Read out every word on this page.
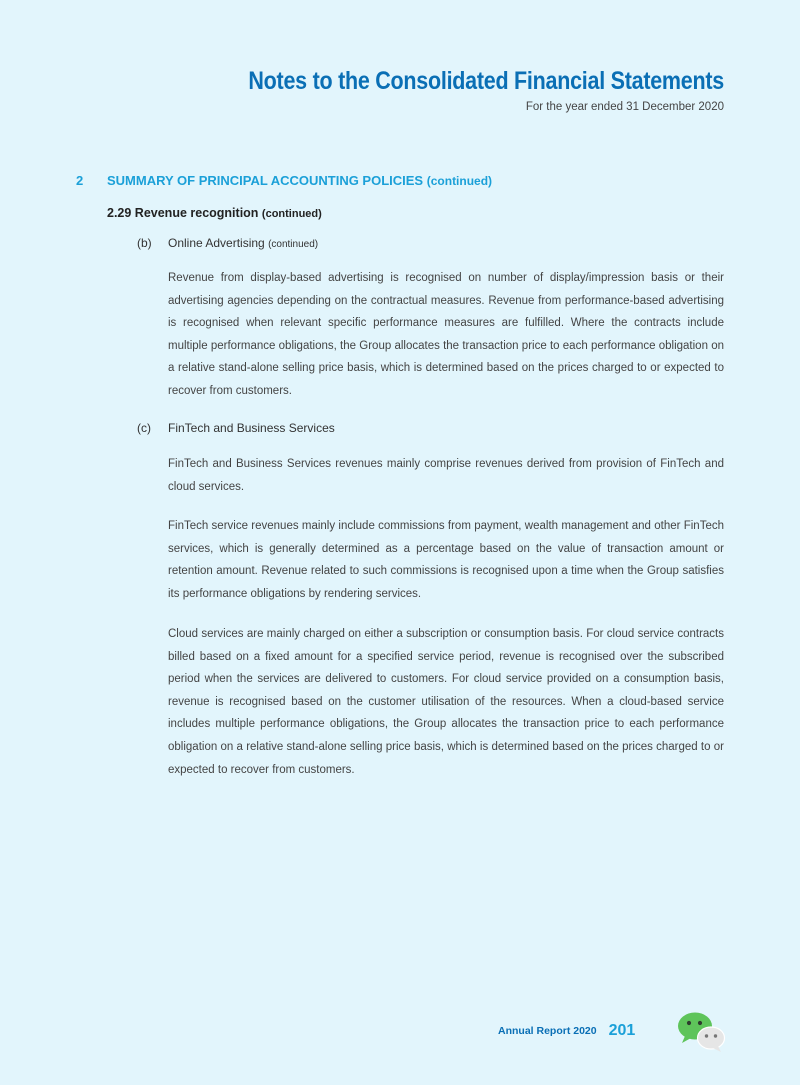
Notes to the Consolidated Financial Statements
For the year ended 31 December 2020
2 SUMMARY OF PRINCIPAL ACCOUNTING POLICIES (continued)
2.29 Revenue recognition (continued)
(b) Online Advertising (continued)

Revenue from display-based advertising is recognised on number of display/impression basis or their advertising agencies depending on the contractual measures. Revenue from performance-based advertising is recognised when relevant specific performance measures are fulfilled. Where the contracts include multiple performance obligations, the Group allocates the transaction price to each performance obligation on a relative stand-alone selling price basis, which is determined based on the prices charged to or expected to recover from customers.

(c) FinTech and Business Services

FinTech and Business Services revenues mainly comprise revenues derived from provision of FinTech and cloud services.

FinTech service revenues mainly include commissions from payment, wealth management and other FinTech services, which is generally determined as a percentage based on the value of transaction amount or retention amount. Revenue related to such commissions is recognised upon a time when the Group satisfies its performance obligations by rendering services.

Cloud services are mainly charged on either a subscription or consumption basis. For cloud service contracts billed based on a fixed amount for a specified service period, revenue is recognised over the subscribed period when the services are delivered to customers. For cloud service provided on a consumption basis, revenue is recognised based on the customer utilisation of the resources. When a cloud-based service includes multiple performance obligations, the Group allocates the transaction price to each performance obligation on a relative stand-alone selling price basis, which is determined based on the prices charged to or expected to recover from customers.

Annual Report 2020 201
